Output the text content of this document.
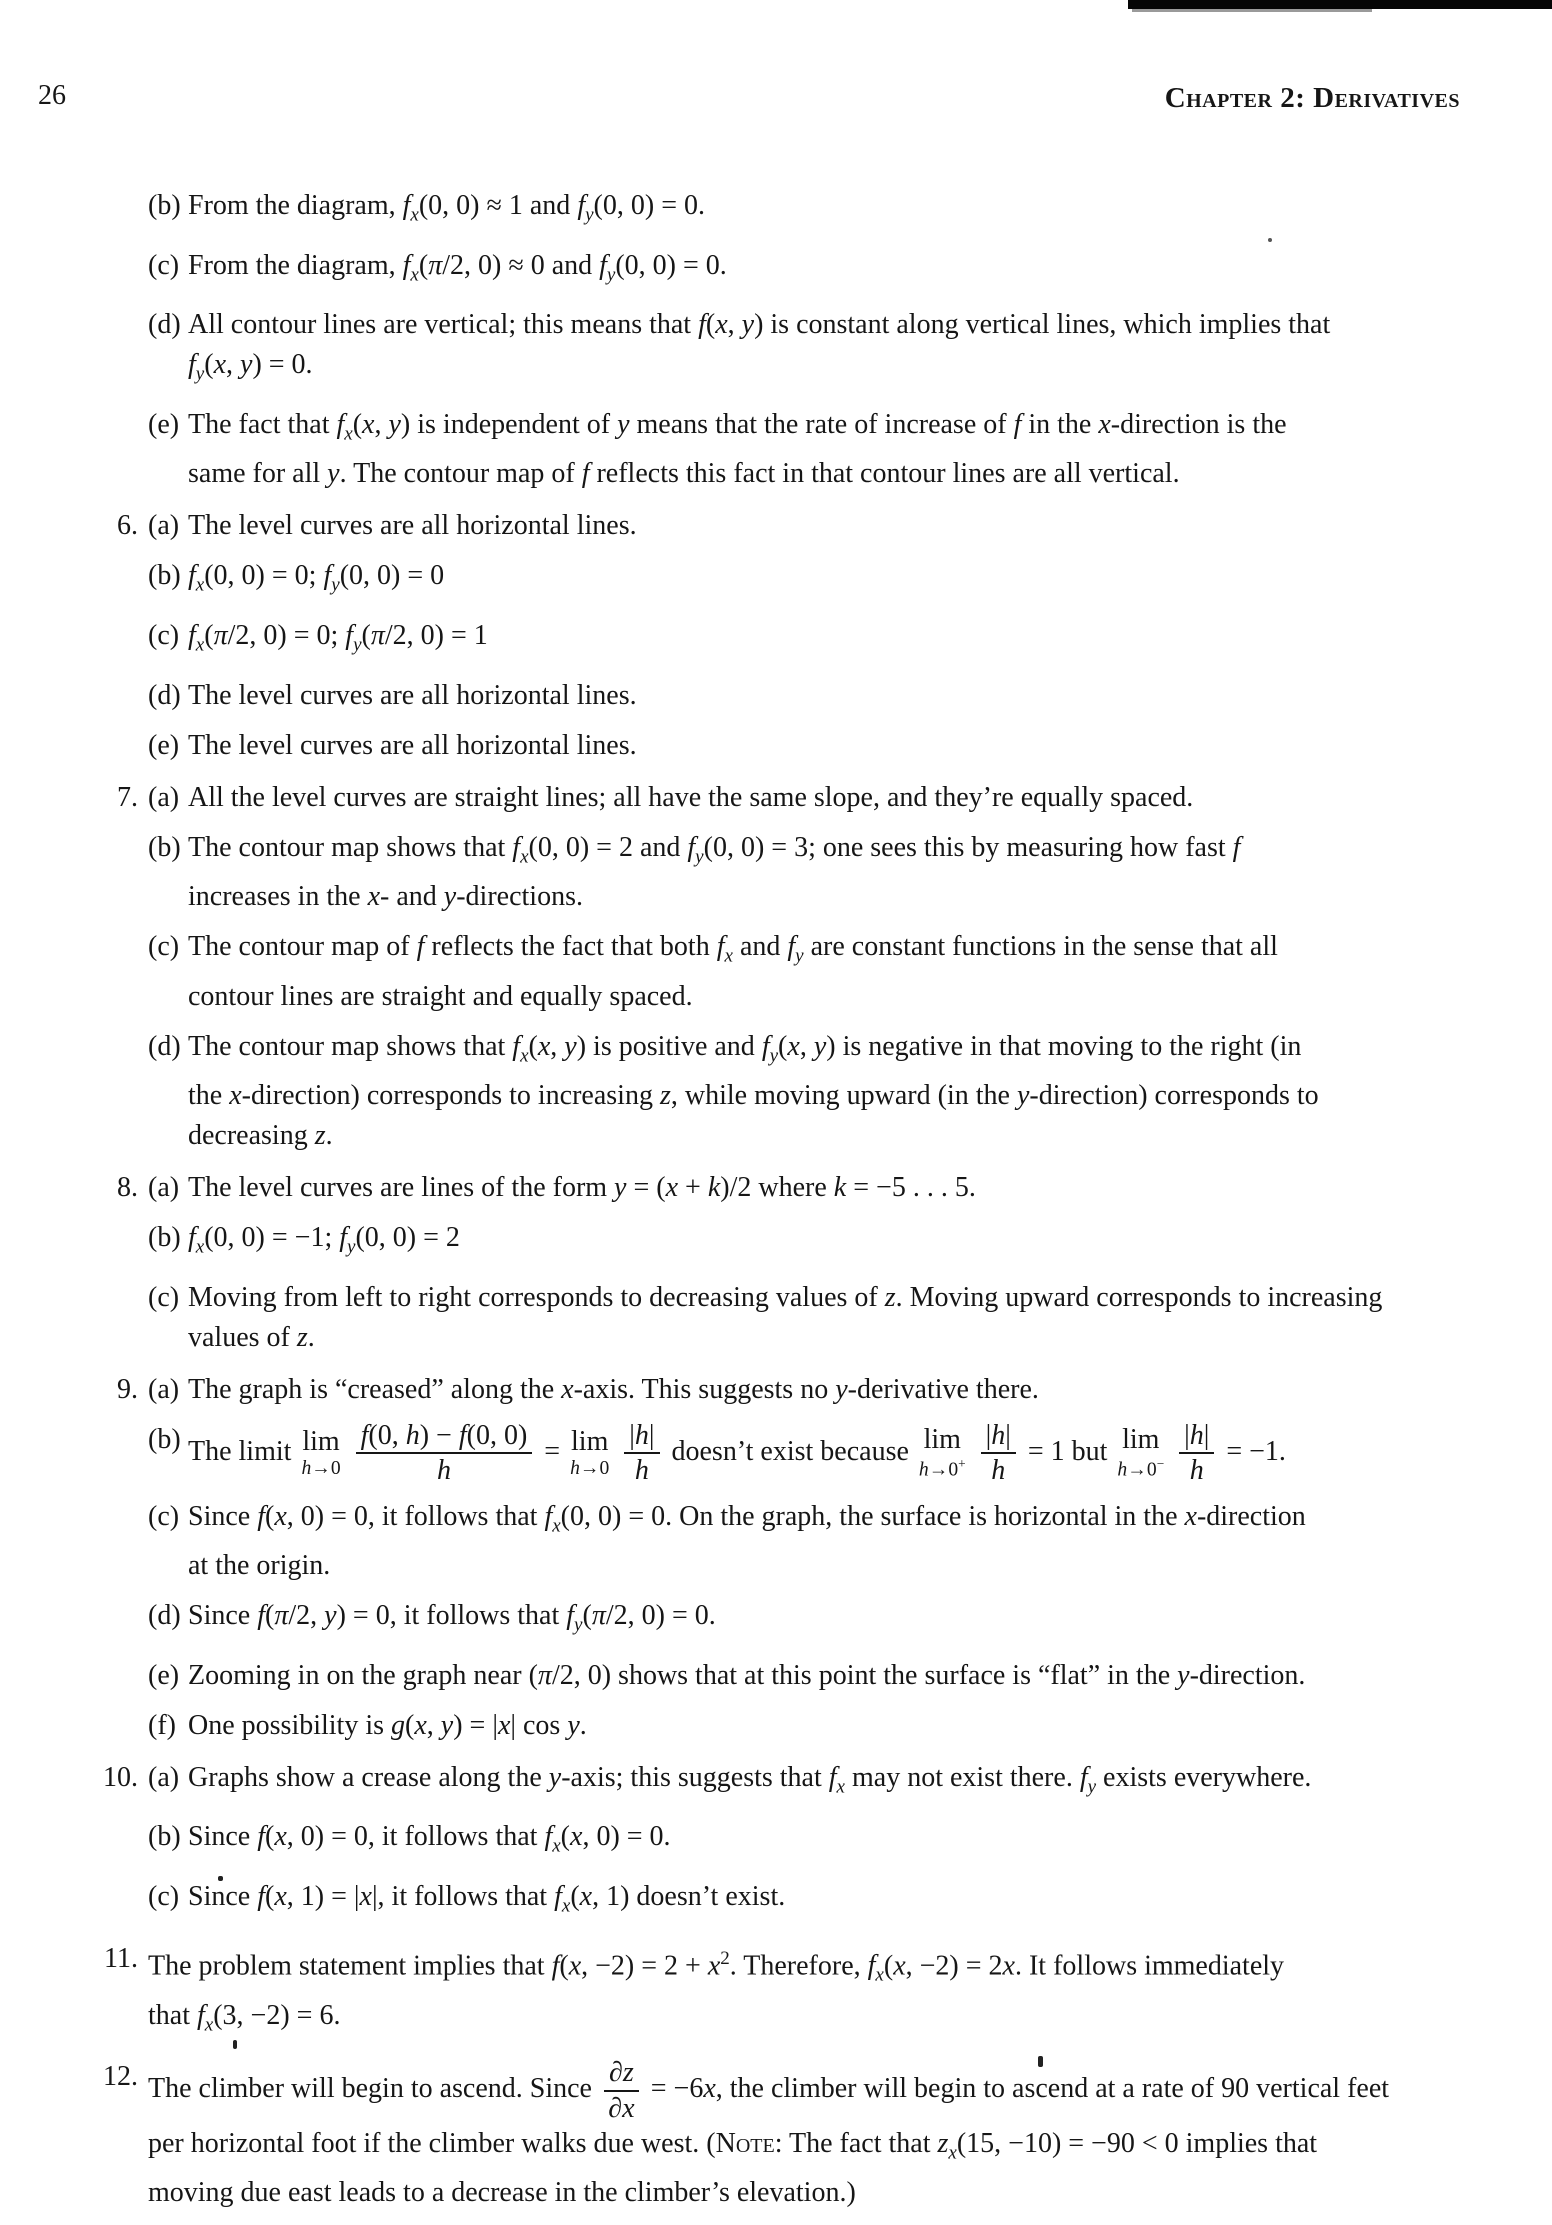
26	Chapter 2: Derivatives
(b) From the diagram, $f_x(0$, 0) ≈ 1 and $f_y(0$, 0) = 0.
(c) From the diagram, $f_x(\pi/2$, 0) ≈ 0 and $f_y(0$, 0) = 0.
(d) All contour lines are vertical; this means that f(x, y) is constant along vertical lines, which implies that
$f_y(x$, y) = 0.
(e) The fact that $f_x(x$, y) is independent of y means that the rate of increase of f in the x-direction is the
same for all y. The contour map of f reflects this fact in that contour lines are all vertical.
6. (a) The level curves are all horizontal lines.
(b) $f_x(0$, 0) = 0; $f_y(0$, 0) = 0
(c) $f_x(\pi/2$, 0) = 0; $f_y(\pi/2$, 0) = 1
(d) The level curves are all horizontal lines.
(e) The level curves are all horizontal lines.
7. (a) All the level curves are straight lines; all have the same slope, and they’re equally spaced.
(b) The contour map shows that $f_x(0$, 0) = 2 and $f_y(0$, 0) = 3; one sees this by measuring how fast f
increases in the x- and y-directions.
(c) The contour map of f reflects the fact that both $f_x$ and $f_y$ are constant functions in the sense that all
contour lines are straight and equally spaced.
(d) The contour map shows that $f_x(x$, y) is positive and $f_y(x$, y) is negative in that moving to the right (in
the x-direction) corresponds to increasing z, while moving upward (in the y-direction) corresponds to
decreasing z.
8. (a) The level curves are lines of the form y = (x + k)/2 where k = −5 . . . 5.
(b) $f_x(0$, 0) = −1; $f_y(0$, 0) = 2
(c) Moving from left to right corresponds to decreasing values of z. Moving upward corresponds to increasing
values of z.
9. (a) The graph is “creased” along the x-axis. This suggests no y-derivative there.
(b) The limit lim
h→0
$\frac{f(0, h) - f(0, 0)}{h} = \lim$
h→0
$\frac{|h|}{h}$ doesn’t exist because lim
h→0+
$\frac{|h|}{h} = 1$ but lim
h→0−
$\frac{|h|}{h} = -1$.
(c) Since f(x, 0) = 0, it follows that $f_x(0$, 0) = 0. On the graph, the surface is horizontal in the x-direction
at the origin.
(d) Since f(π/2, y) = 0, it follows that $f_y(\pi/2$, 0) = 0.
(e) Zooming in on the graph near (π/2, 0) shows that at this point the surface is “flat” in the y-direction.
(f) One possibility is g(x, y) = |x| cos y.
10. (a) Graphs show a crease along the y-axis; this suggests that $f_x$ may not exist there. $f_y$ exists everywhere.
(b) Since f(x, 0) = 0, it follows that $f_x(x$, 0) = 0.
(c) Since f(x, 1) = |x|, it follows that $f_x(x$, 1) doesn’t exist.
11. The problem statement implies that f(x, $-2) = 2 + x^2$. Therefore, $f_x(x$, −2) = 2x. It follows immediately
that $f_x(3$, −2) = 6.
12. The climber will begin to ascend. Since $\frac{\partial z}{\partial x} = -6x$, the climber will begin to ascend at a rate of 90 vertical feet
per horizontal foot if the climber walks due west. (Note: The fact that $z_x(15$, −10) = −90 < 0 implies that
moving due east leads to a decrease in the climber’s elevation.)
